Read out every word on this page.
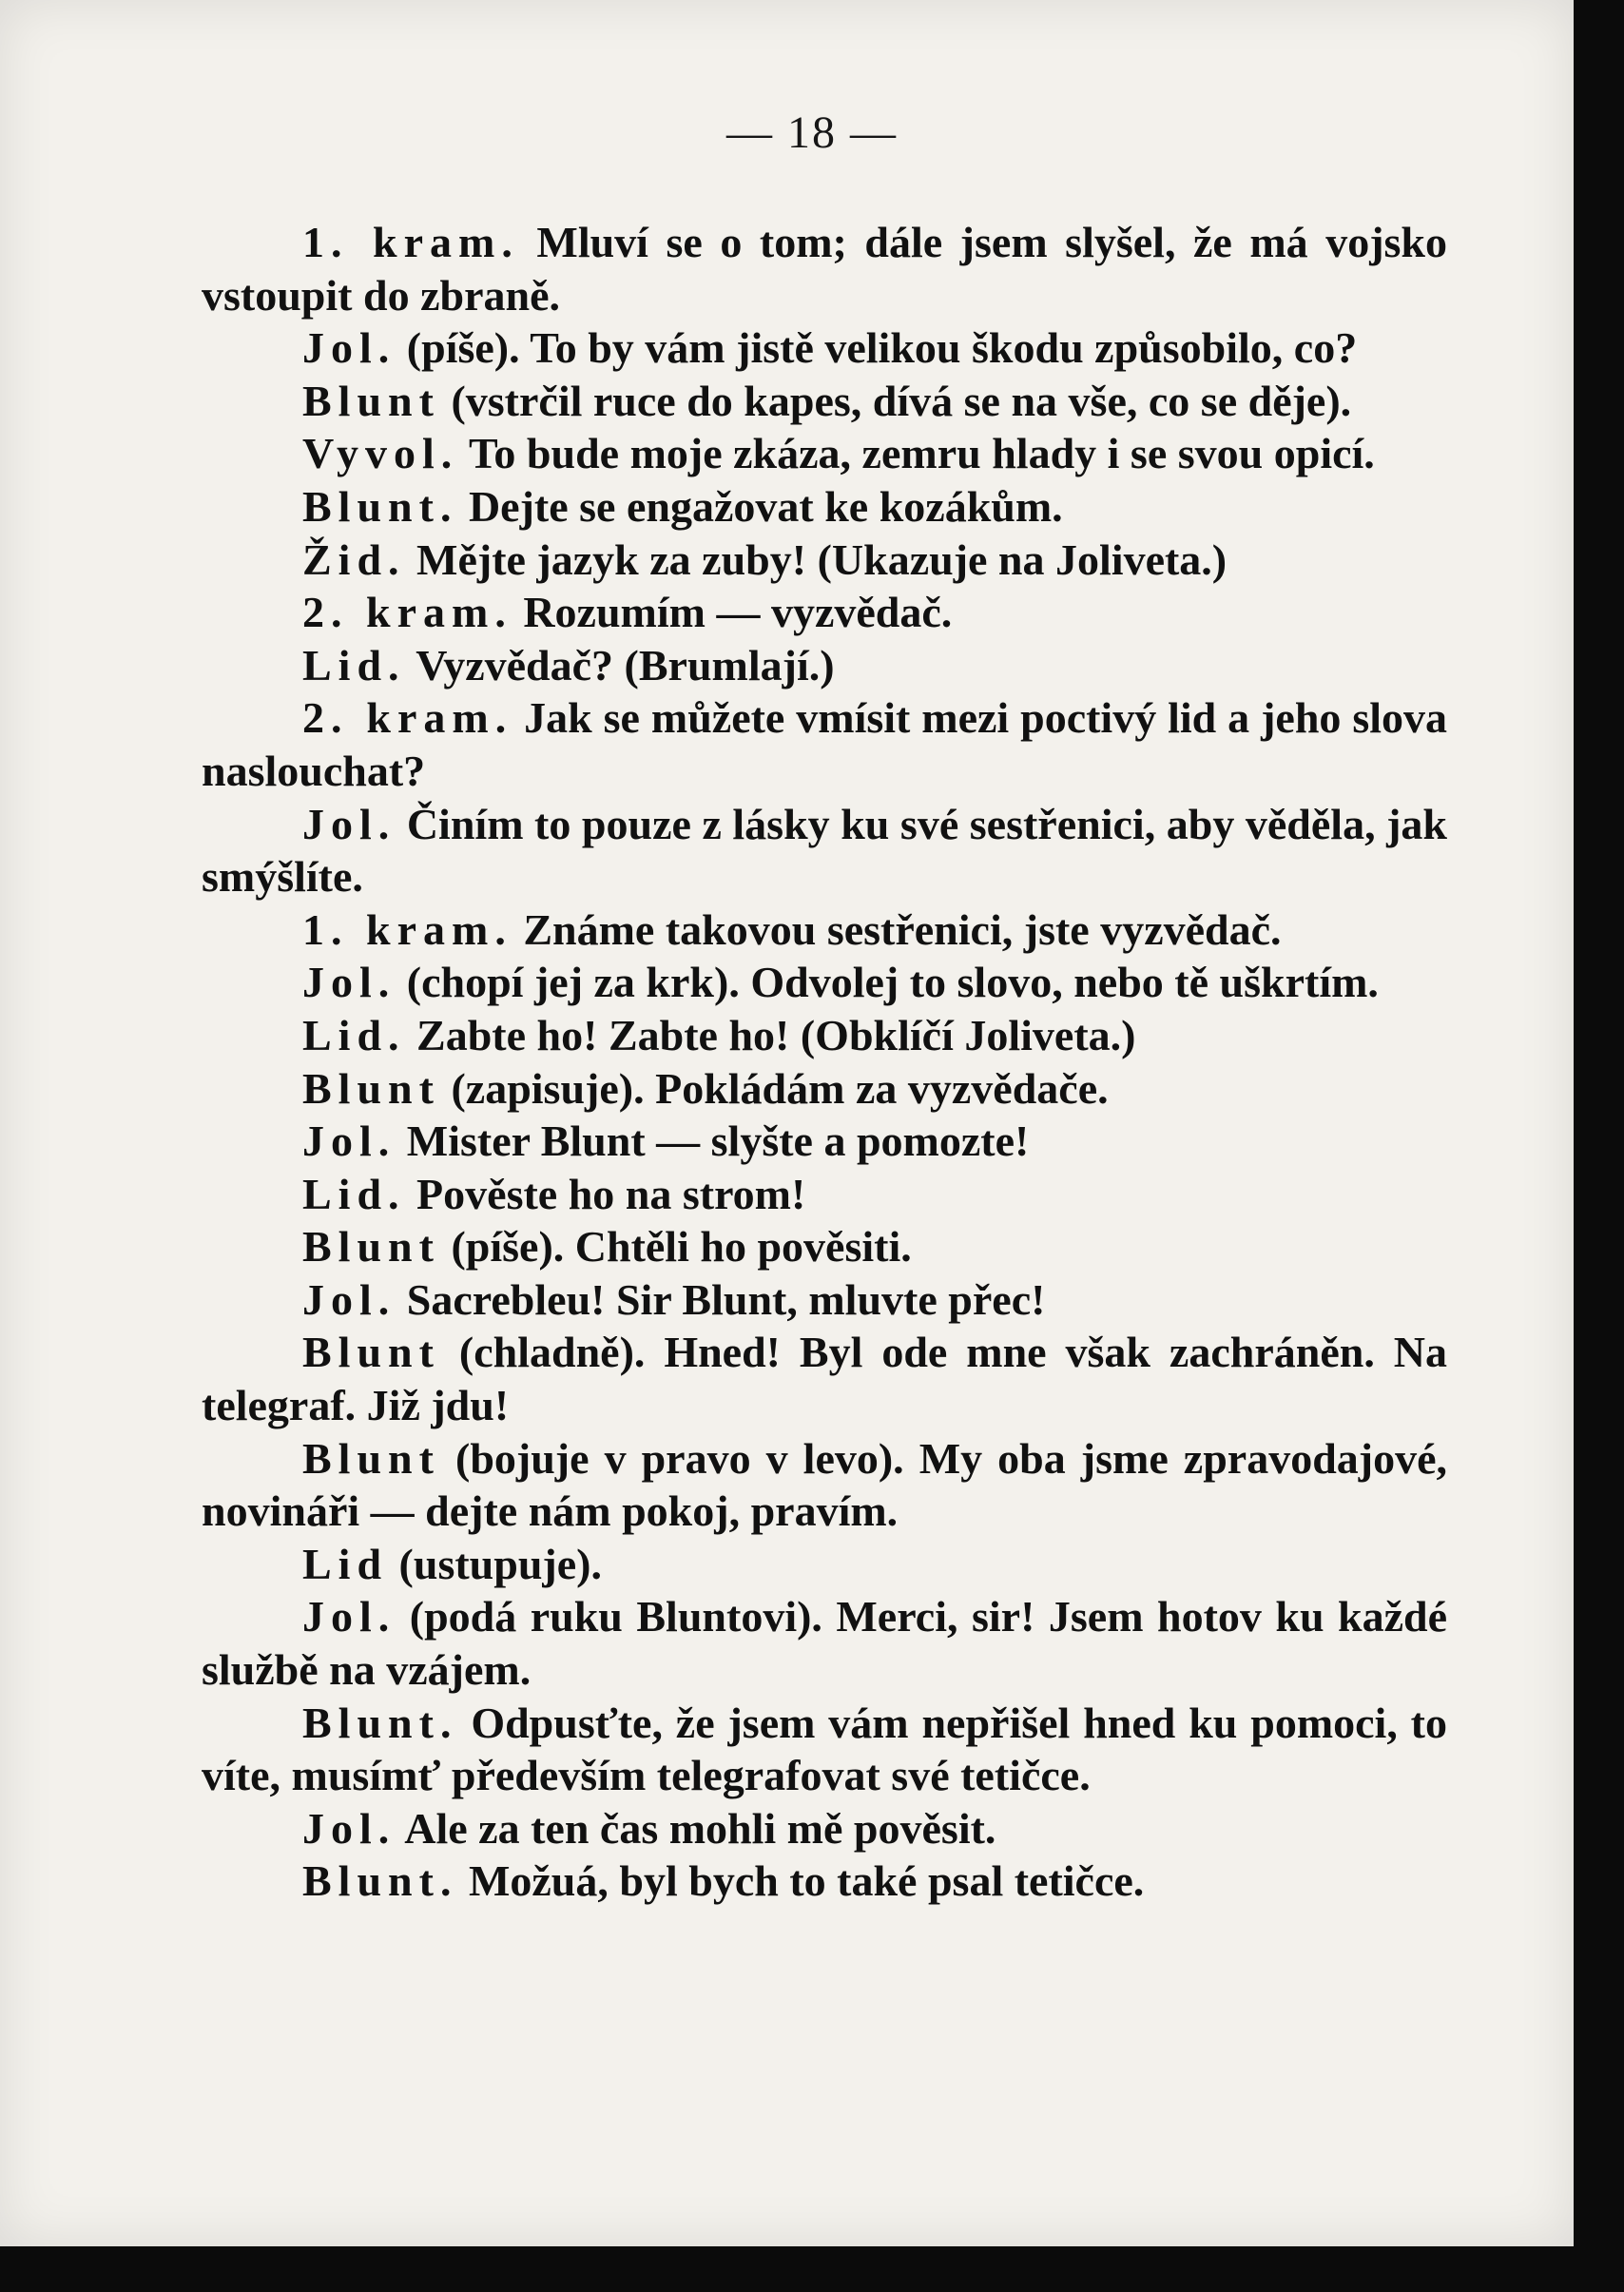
— 18 —

1. kram. Mluví se o tom; dále jsem slyšel, že má vojsko vstoupit do zbraně.

Jol. (píše). To by vám jistě velikou škodu způsobilo, co?

Blunt (vstrčil ruce do kapes, dívá se na vše, co se děje).

Vyvol. To bude moje zkáza, zemru hlady i se svou opicí.

Blunt. Dejte se engažovat ke kozákům.

Žid. Mějte jazyk za zuby! (Ukazuje na Joliveta.)

2. kram. Rozumím — vyzvědač.

Lid. Vyzvědač? (Brumlají.)

2. kram. Jak se můžete vmísit mezi poctivý lid a jeho slova naslouchat?

Jol. Činím to pouze z lásky ku své sestřenici, aby věděla, jak smýšlíte.

1. kram. Známe takovou sestřenici, jste vyzvědač.

Jol. (chopí jej za krk). Odvolej to slovo, nebo tě uškrtím.

Lid. Zabte ho! Zabte ho! (Obklíčí Joliveta.)

Blunt (zapisuje). Pokládám za vyzvědače.

Jol. Mister Blunt — slyšte a pomozte!

Lid. Pověste ho na strom!

Blunt (píše). Chtěli ho pověsiti.

Jol. Sacrebleu! Sir Blunt, mluvte přec!

Blunt (chladně). Hned! Byl ode mne však zachráněn. Na telegraf. Již jdu!

Blunt (bojuje v pravo v levo). My oba jsme zpravodajové, novináři — dejte nám pokoj, pravím.

Lid (ustupuje).

Jol. (podá ruku Bluntovi). Merci, sir! Jsem hotov ku každé službě na vzájem.

Blunt. Odpusťte, že jsem vám nepřišel hned ku pomoci, to víte, musímť především telegrafovat své tetičce.

Jol. Ale za ten čas mohli mě pověsit.

Blunt. Možuá, byl bych to také psal tetičce.
